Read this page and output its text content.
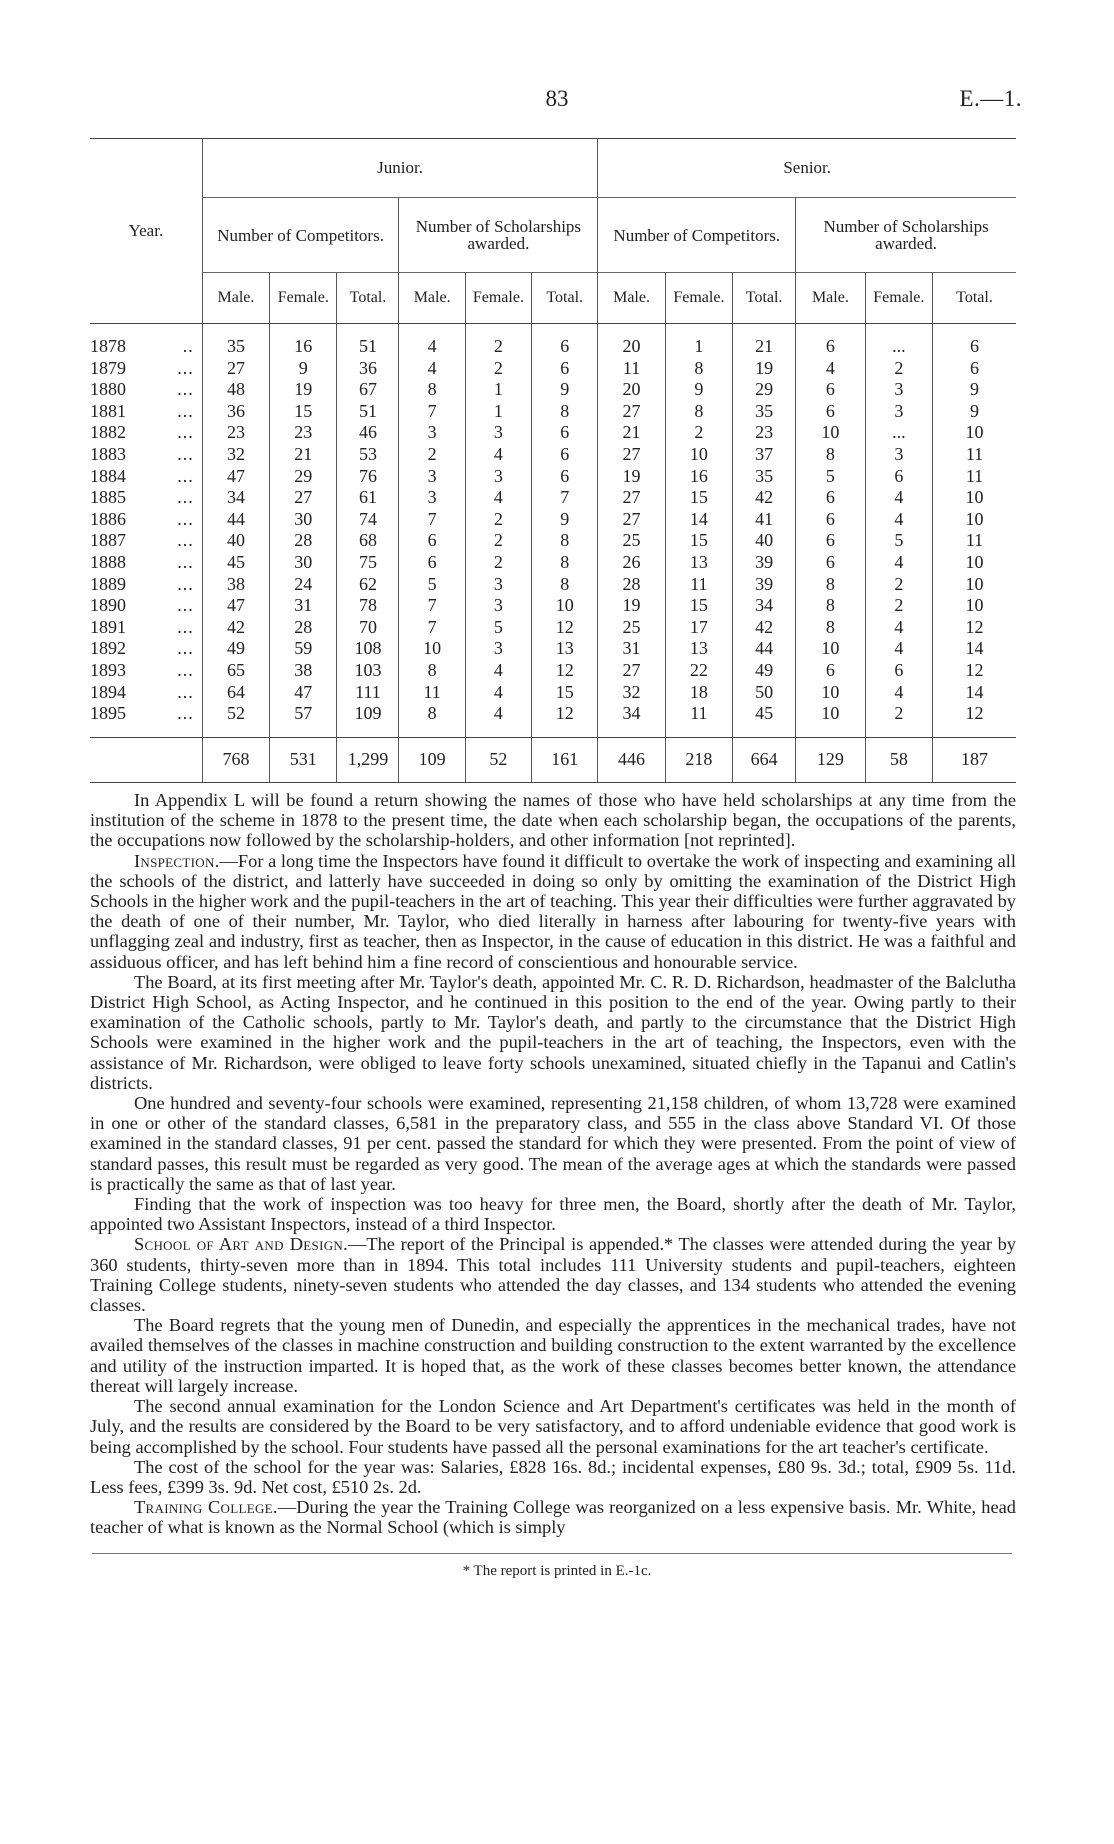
83	E.—1.
Year.	Junior.						Senior.					
	Number of Competitors.			Number of Scholarships awarded.			Number of Competitors.			Number of Scholarships awarded.		
	Male.	Female.	Total.	Male.	Female.	Total.	Male.	Female.	Total.	Male.	Female.	Total.
1878 ..	35	16	51	4	2	6	20	1	21	6	...	6
1879 ...	27	9	36	4	2	6	11	8	19	4	2	6
1880 ...	48	19	67	8	1	9	20	9	29	6	3	9
1881 ...	36	15	51	7	1	8	27	8	35	6	3	9
1882 ...	23	23	46	3	3	6	21	2	23	10	...	10
1883 ...	32	21	53	2	4	6	27	10	37	8	3	11
1884 ...	47	29	76	3	3	6	19	16	35	5	6	11
1885 ...	34	27	61	3	4	7	27	15	42	6	4	10
1886 ...	44	30	74	7	2	9	27	14	41	6	4	10
1887 ...	40	28	68	6	2	8	25	15	40	6	5	11
1888 ...	45	30	75	6	2	8	26	13	39	6	4	10
1889 ...	38	24	62	5	3	8	28	11	39	8	2	10
1890 ...	47	31	78	7	3	10	19	15	34	8	2	10
1891 ...	42	28	70	7	5	12	25	17	42	8	4	12
1892 ...	49	59	108	10	3	13	31	13	44	10	4	14
1893 ...	65	38	103	8	4	12	27	22	49	6	6	12
1894 ...	64	47	111	11	4	15	32	18	50	10	4	14
1895 ...	52	57	109	8	4	12	34	11	45	10	2	12
	768	531	1,299	109	52	161	446	218	664	129	58	187

In Appendix L will be found a return showing the names of those who have held scholarships at any time from the institution of the scheme in 1878 to the present time, the date when each scholarship began, the occupations of the parents, the occupations now followed by the scholarship-holders, and other information [not reprinted].

Inspection.—For a long time the Inspectors have found it difficult to overtake the work of inspecting and examining all the schools of the district, and latterly have succeeded in doing so only by omitting the examination of the District High Schools in the higher work and the pupil-teachers in the art of teaching. This year their difficulties were further aggravated by the death of one of their number, Mr. Taylor, who died literally in harness after labouring for twenty-five years with unflagging zeal and industry, first as teacher, then as Inspector, in the cause of education in this district. He was a faithful and assiduous officer, and has left behind him a fine record of conscientious and honourable service.

The Board, at its first meeting after Mr. Taylor's death, appointed Mr. C. R. D. Richardson, headmaster of the Balclutha District High School, as Acting Inspector, and he continued in this position to the end of the year. Owing partly to their examination of the Catholic schools, partly to Mr. Taylor's death, and partly to the circumstance that the District High Schools were examined in the higher work and the pupil-teachers in the art of teaching, the Inspectors, even with the assistance of Mr. Richardson, were obliged to leave forty schools unexamined, situated chiefly in the Tapanui and Catlin's districts.

One hundred and seventy-four schools were examined, representing 21,158 children, of whom 13,728 were examined in one or other of the standard classes, 6,581 in the preparatory class, and 555 in the class above Standard VI. Of those examined in the standard classes, 91 per cent. passed the standard for which they were presented. From the point of view of standard passes, this result must be regarded as very good. The mean of the average ages at which the standards were passed is practically the same as that of last year.

Finding that the work of inspection was too heavy for three men, the Board, shortly after the death of Mr. Taylor, appointed two Assistant Inspectors, instead of a third Inspector.

School of Art and Design.—The report of the Principal is appended.* The classes were attended during the year by 360 students, thirty-seven more than in 1894. This total includes 111 University students and pupil-teachers, eighteen Training College students, ninety-seven students who attended the day classes, and 134 students who attended the evening classes.

The Board regrets that the young men of Dunedin, and especially the apprentices in the mechanical trades, have not availed themselves of the classes in machine construction and building construction to the extent warranted by the excellence and utility of the instruction imparted. It is hoped that, as the work of these classes becomes better known, the attendance thereat will largely increase.

The second annual examination for the London Science and Art Department's certificates was held in the month of July, and the results are considered by the Board to be very satisfactory, and to afford undeniable evidence that good work is being accomplished by the school. Four students have passed all the personal examinations for the art teacher's certificate.

The cost of the school for the year was: Salaries, £828 16s. 8d.; incidental expenses, £80 9s. 3d.; total, £909 5s. 11d. Less fees, £399 3s. 9d. Net cost, £510 2s. 2d.

Training College.—During the year the Training College was reorganized on a less expensive basis. Mr. White, head teacher of what is known as the Normal School (which is simply

* The report is printed in E.-1c.
